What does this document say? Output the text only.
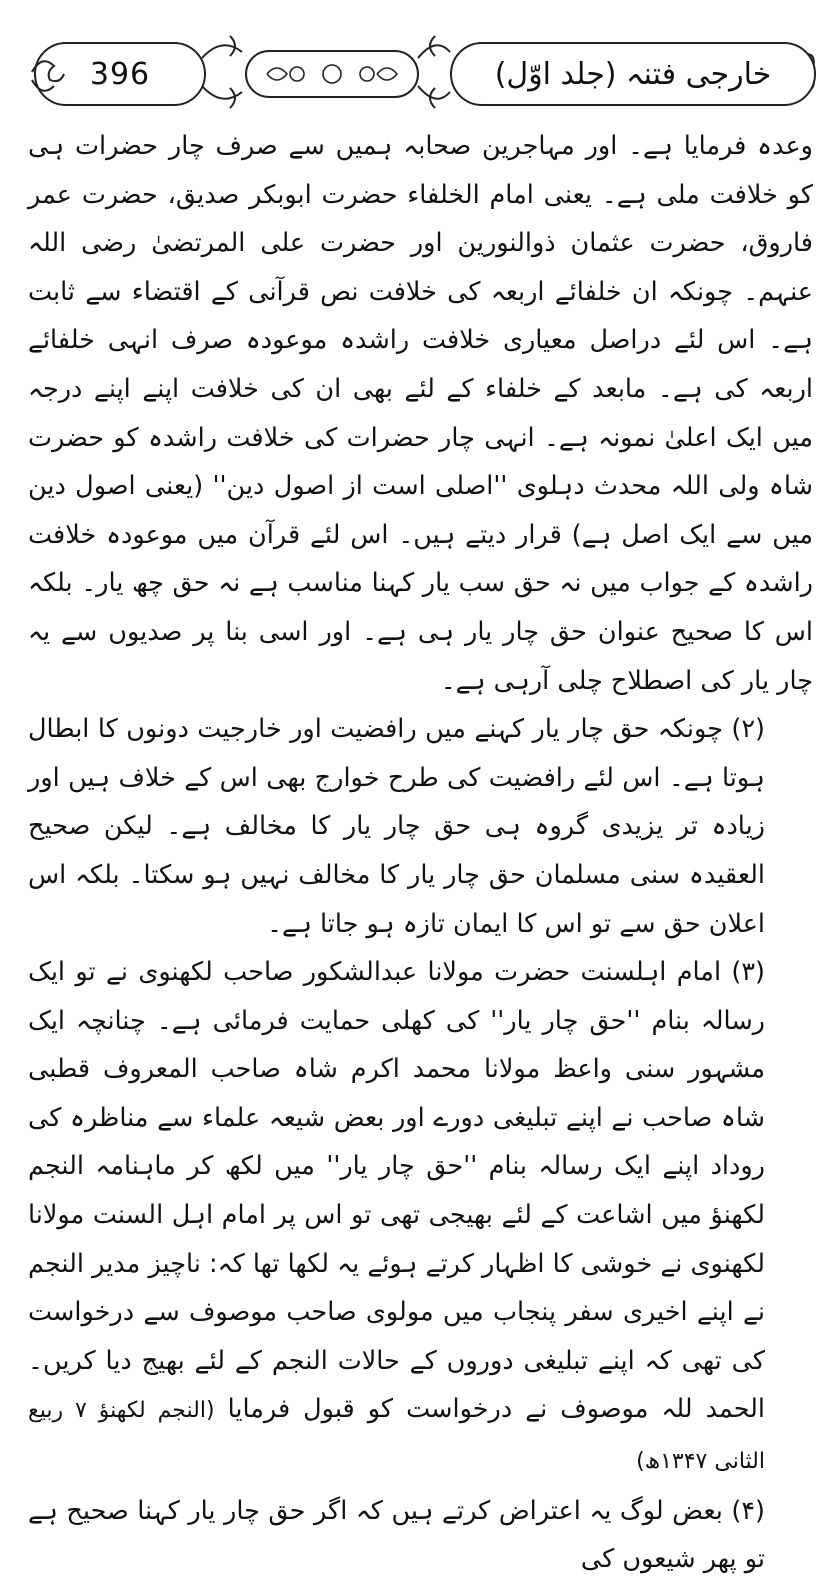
396	خارجی فتنہ (جلد اوّل)

وعدہ فرمایا ہے۔ اور مہاجرین صحابہ ہمیں سے صرف چار حضرات ہی کو خلافت ملی ہے۔ یعنی امام الخلفاء حضرت ابوبکر صدیق، حضرت عمر فاروق، حضرت عثمان ذوالنورین اور حضرت علی المرتضیٰ رضی اللہ عنہم۔ چونکہ ان خلفائے اربعہ کی خلافت نص قرآنی کے اقتضاء سے ثابت ہے۔ اس لئے دراصل معیاری خلافت راشدہ موعودہ صرف انہی خلفائے اربعہ کی ہے۔ مابعد کے خلفاء کے لئے بھی ان کی خلافت اپنے اپنے درجہ میں ایک اعلیٰ نمونہ ہے۔ انہی چار حضرات کی خلافت راشدہ کو حضرت شاہ ولی اللہ محدث دہلوی ''اصلی است از اصول دین'' (یعنی اصول دین میں سے ایک اصل ہے) قرار دیتے ہیں۔ اس لئے قرآن میں موعودہ خلافت راشدہ کے جواب میں نہ حق سب یار کہنا مناسب ہے نہ حق چھ یار۔ بلکہ اس کا صحیح عنوان حق چار یار ہی ہے۔ اور اسی بنا پر صدیوں سے یہ چار یار کی اصطلاح چلی آرہی ہے۔

(۲) چونکہ حق چار یار کہنے میں رافضیت اور خارجیت دونوں کا ابطال ہوتا ہے۔ اس لئے رافضیت کی طرح خوارج بھی اس کے خلاف ہیں اور زیادہ تر یزیدی گروہ ہی حق چار یار کا مخالف ہے۔ لیکن صحیح العقیدہ سنی مسلمان حق چار یار کا مخالف نہیں ہو سکتا۔ بلکہ اس اعلان حق سے تو اس کا ایمان تازہ ہو جاتا ہے۔

(۳) امام اہلسنت حضرت مولانا عبدالشکور صاحب لکھنوی نے تو ایک رسالہ بنام ''حق چار یار'' کی کھلی حمایت فرمائی ہے۔ چنانچہ ایک مشہور سنی واعظ مولانا محمد اکرم شاہ صاحب المعروف قطبی شاہ صاحب نے اپنے تبلیغی دورے اور بعض شیعہ علماء سے مناظرہ کی روداد اپنے ایک رسالہ بنام ''حق چار یار'' میں لکھ کر ماہنامہ النجم لکھنؤ میں اشاعت کے لئے بھیجی تھی تو اس پر امام اہل السنت مولانا لکھنوی نے خوشی کا اظہار کرتے ہوئے یہ لکھا تھا کہ: ناچیز مدیر النجم نے اپنے اخیری سفر پنجاب میں مولوی صاحب موصوف سے درخواست کی تھی کہ اپنے تبلیغی دوروں کے حالات النجم کے لئے بھیج دیا کریں۔ الحمد للہ موصوف نے درخواست کو قبول فرمایا (النجم لکھنؤ ۷ ربیع الثانی ۱۳۴۷ھ)

(۴) بعض لوگ یہ اعتراض کرتے ہیں کہ اگر حق چار یار کہنا صحیح ہے تو پھر شیعوں کی
